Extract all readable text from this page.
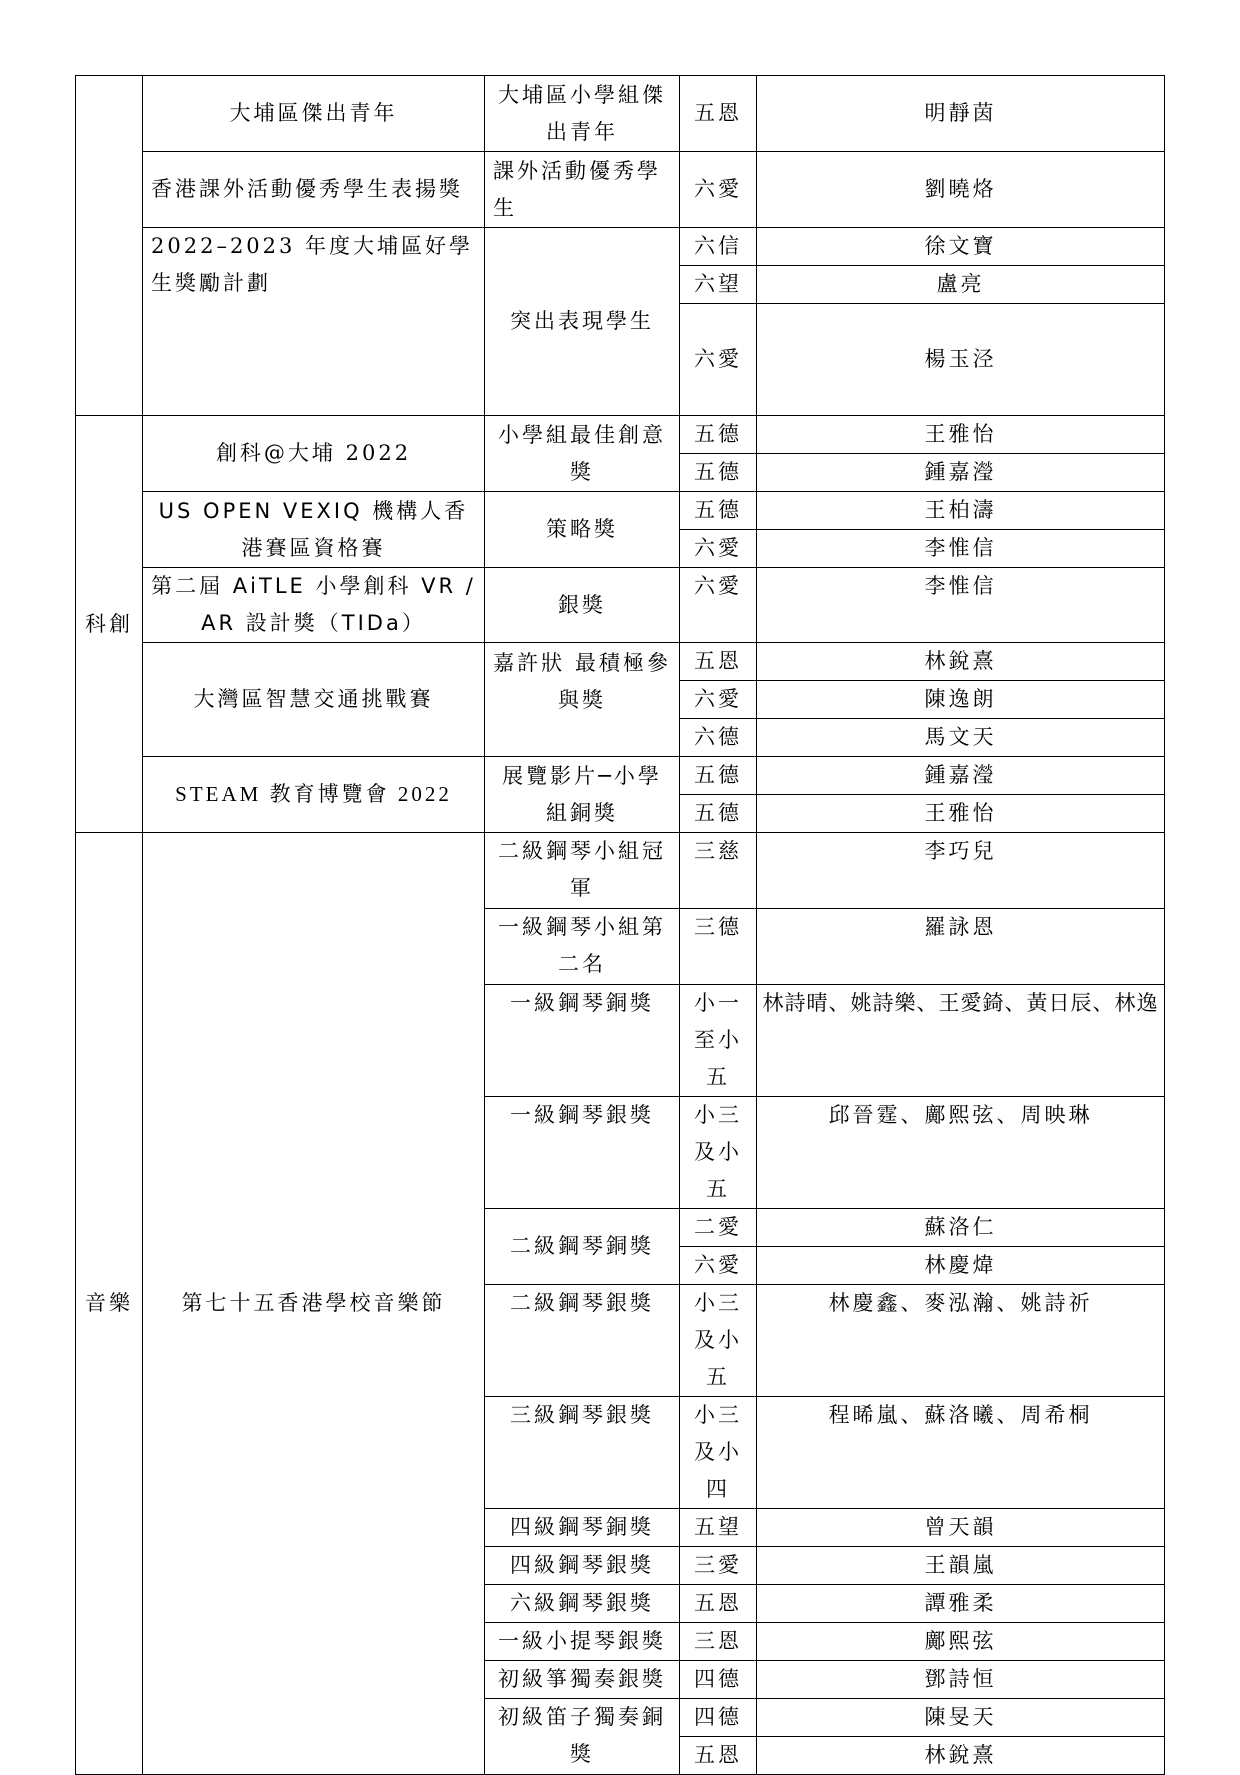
	大埔區傑出青年	大埔區小學組傑出青年	五恩	明靜茵
	香港課外活動優秀學生表揚獎	課外活動優秀學生	六愛	劉曉烙
	2022–2023 年度大埔區好學生獎勵計劃	突出表現學生	六信	徐文寶
			六望	盧亮
			六愛	楊玉泾
科創	創科@大埔 2022	小學組最佳創意獎	五德	王雅怡
			五德	鍾嘉瀅
	US OPEN VEXIQ 機構人香港賽區資格賽	策略獎	五德	王柏濤
			六愛	李惟信
	第二屆 AiTLE 小學創科 VR / AR 設計獎（TIDa）	銀獎	六愛	李惟信
	大灣區智慧交通挑戰賽	嘉許狀 最積極參與獎	五恩	林銳熹
			六愛	陳逸朗
			六德	馬文天
	STEAM 教育博覽會 2022	展覽影片─小學組銅獎	五德	鍾嘉瀅
			五德	王雅怡
音樂	第七十五香港學校音樂節	二級鋼琴小組冠軍	三慈	李巧兒
		一級鋼琴小組第二名	三德	羅詠恩
		一級鋼琴銅獎	小一至小五	林詩晴、姚詩樂、王愛錡、黃日辰、林逸
		一級鋼琴銀獎	小三及小五	邱晉霆、鄺熙弦、周映琳
		二級鋼琴銅獎	二愛	蘇洛仁
			六愛	林慶煒
		二級鋼琴銀獎	小三及小五	林慶鑫、麥泓瀚、姚詩祈
		三級鋼琴銀獎	小三及小四	程晞嵐、蘇洛曦、周希桐
		四級鋼琴銅獎	五望	曾天韻
		四級鋼琴銀獎	三愛	王韻嵐
		六級鋼琴銀獎	五恩	譚雅柔
		一級小提琴銀獎	三恩	鄺熙弦
		初級箏獨奏銀獎	四德	鄧詩恒
		初級笛子獨奏銅獎	四德	陳旻天
			五恩	林銳熹
